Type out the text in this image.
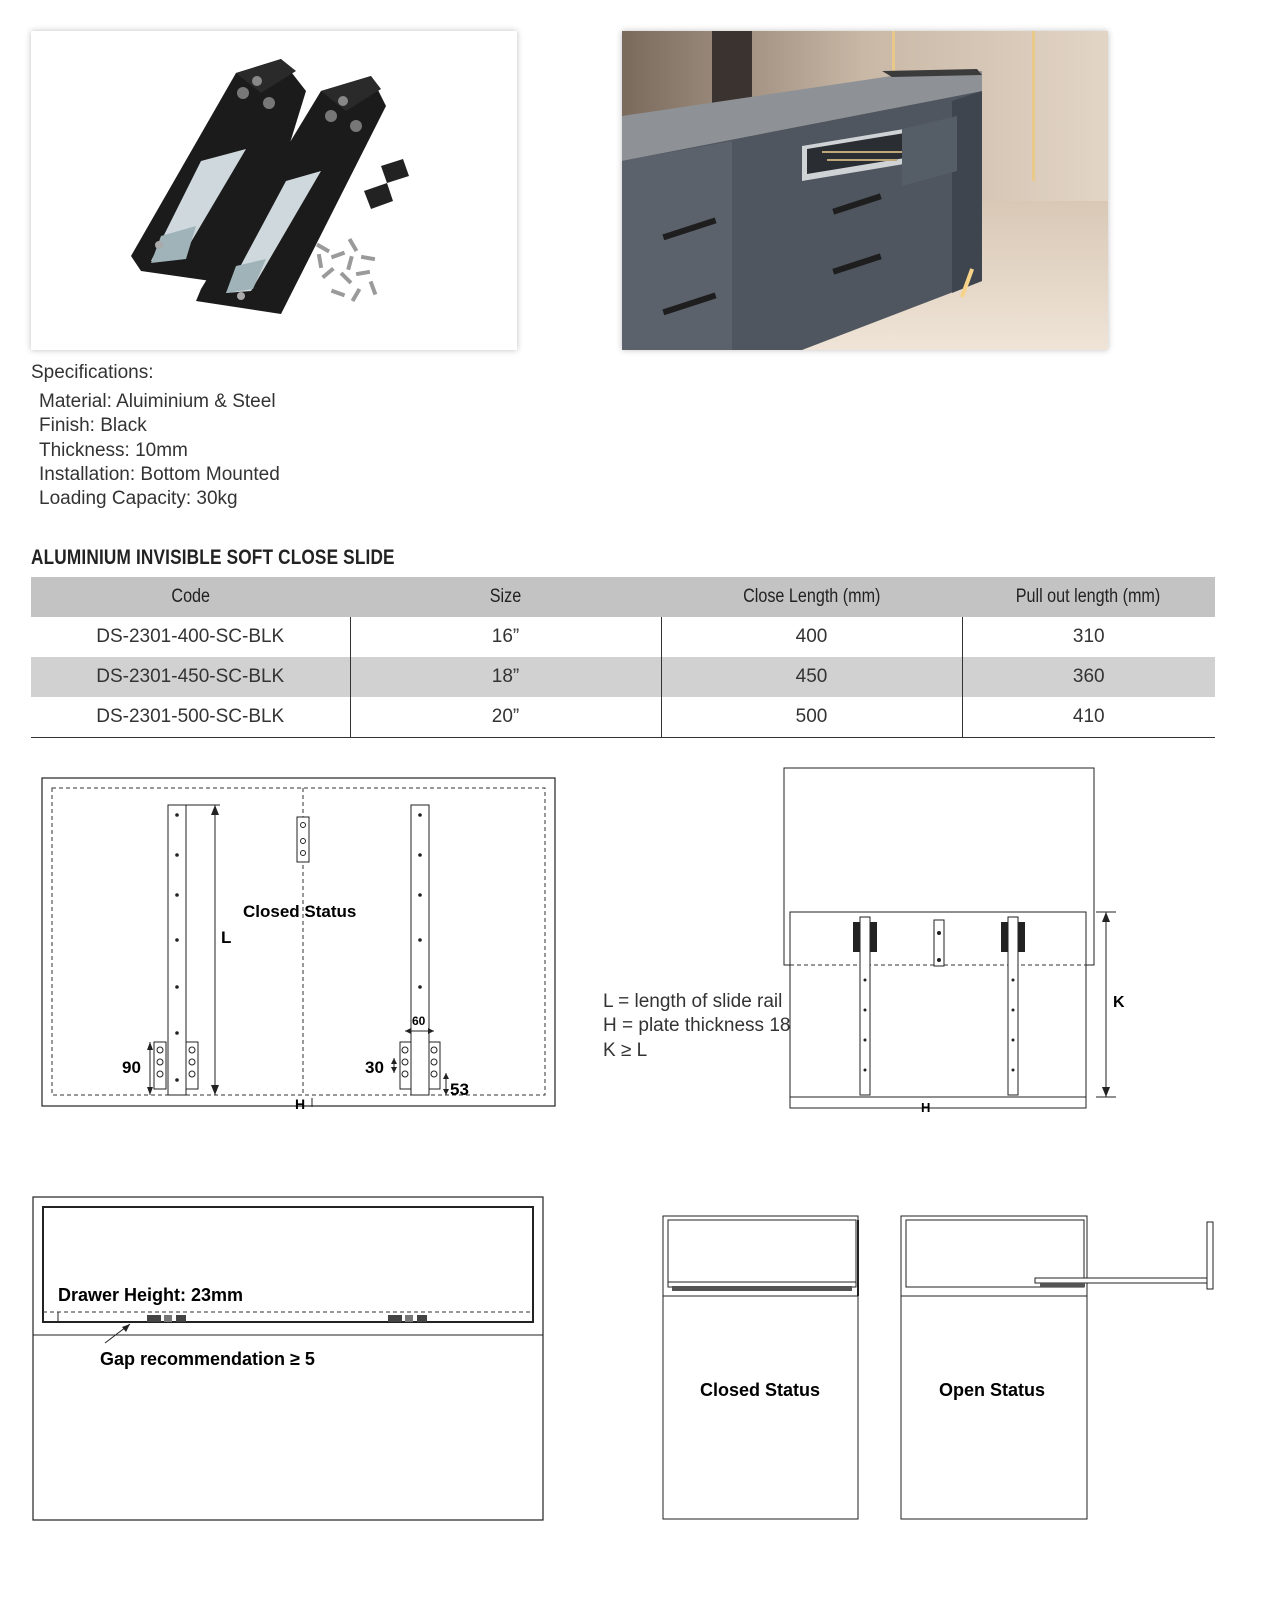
Specifications:
Material: Aluiminium & Steel
Finish: Black
Thickness: 10mm
Installation: Bottom Mounted
Loading Capacity: 30kg
ALUMINIUM INVISIBLE SOFT CLOSE SLIDE
Code	Size	Close Length (mm)	Pull out length (mm)
DS-2301-400-SC-BLK	16”	400	310
DS-2301-450-SC-BLK	18”	450	360
DS-2301-500-SC-BLK	20”	500	410
L
90
Closed Status
60
30
53
H
L = length of slide rail
H = plate thickness 18
K ≥ L
K
H
Drawer Height: 23mm
Gap recommendation ≥ 5
Closed Status	Open Status
